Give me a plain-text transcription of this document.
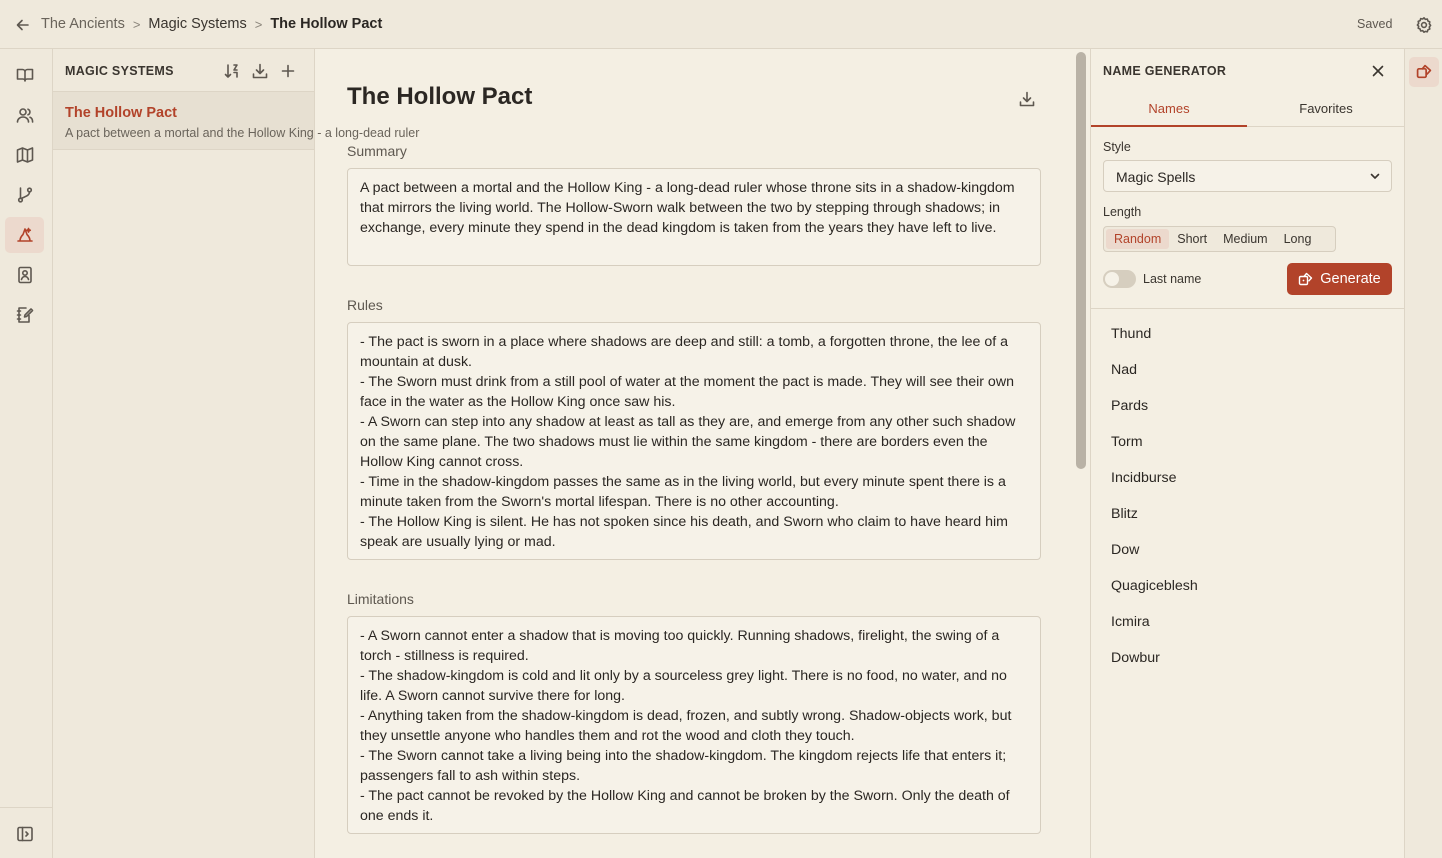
The Ancients > Magic Systems > The Hollow Pact	Saved
MAGIC SYSTEMS
The Hollow Pact
A pact between a mortal and the Hollow King - a long-dead ruler
The Hollow Pact
Summary
A pact between a mortal and the Hollow King - a long-dead ruler whose throne sits in a shadow-kingdom that mirrors the living world. The Hollow-Sworn walk between the two by stepping through shadows; in exchange, every minute they spend in the dead kingdom is taken from the years they have left to live.
Rules
- The pact is sworn in a place where shadows are deep and still: a tomb, a forgotten throne, the lee of a mountain at dusk.
- The Sworn must drink from a still pool of water at the moment the pact is made. They will see their own face in the water as the Hollow King once saw his.
- A Sworn can step into any shadow at least as tall as they are, and emerge from any other such shadow on the same plane. The two shadows must lie within the same kingdom - there are borders even the Hollow King cannot cross.
- Time in the shadow-kingdom passes the same as in the living world, but every minute spent there is a minute taken from the Sworn's mortal lifespan. There is no other accounting.
- The Hollow King is silent. He has not spoken since his death, and Sworn who claim to have heard him speak are usually lying or mad.
Limitations
- A Sworn cannot enter a shadow that is moving too quickly. Running shadows, firelight, the swing of a torch - stillness is required.
- The shadow-kingdom is cold and lit only by a sourceless grey light. There is no food, no water, and no life. A Sworn cannot survive there for long.
- Anything taken from the shadow-kingdom is dead, frozen, and subtly wrong. Shadow-objects work, but they unsettle anyone who handles them and rot the wood and cloth they touch.
- The Sworn cannot take a living being into the shadow-kingdom. The kingdom rejects life that enters it; passengers fall to ash within steps.
- The pact cannot be revoked by the Hollow King and cannot be broken by the Sworn. Only the death of one ends it.
NAME GENERATOR
Names	Favorites
Style
Magic Spells
Length
Random	Short	Medium	Long
Last name	Generate
Thund
Nad
Pards
Torm
Incidburse
Blitz
Dow
Quagiceblesh
Icmira
Dowbur
